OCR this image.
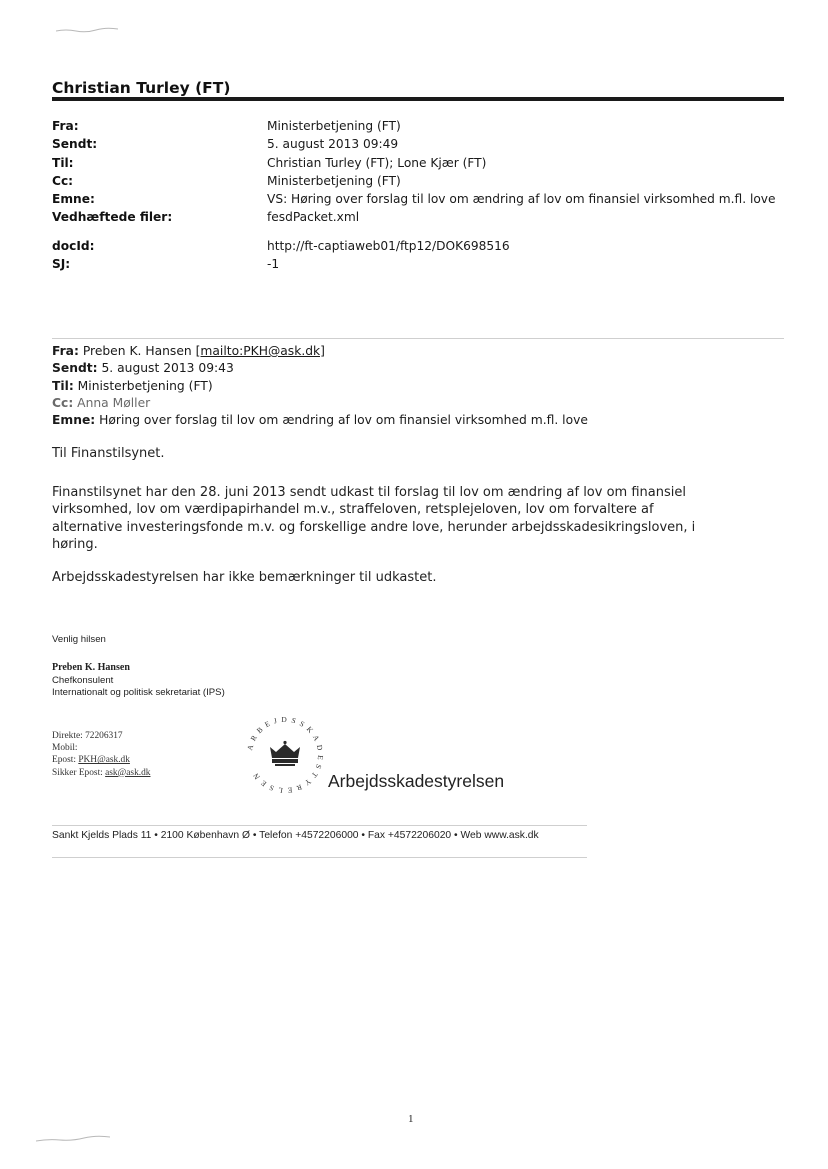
Christian Turley (FT)
Fra:	Ministerbetjening (FT)
Sendt:	5. august 2013 09:49
Til:	Christian Turley (FT); Lone Kjær (FT)
Cc:	Ministerbetjening (FT)
Emne:	VS: Høring over forslag til lov om ændring af lov om finansiel virksomhed m.fl. love
Vedhæftede filer:	fesdPacket.xml
docId:	http://ft-captiaweb01/ftp12/DOK698516
SJ:	-1
Fra: Preben K. Hansen [mailto:PKH@ask.dk]
Sendt: 5. august 2013 09:43
Til: Ministerbetjening (FT)
Cc: Anna Møller
Emne: Høring over forslag til lov om ændring af lov om finansiel virksomhed m.fl. love
Til Finanstilsynet.
Finanstilsynet har den 28. juni 2013 sendt udkast til forslag til lov om ændring af lov om finansiel
virksomhed, lov om værdipapirhandel m.v., straffeloven, retsplejeloven, lov om forvaltere af
alternative investeringsfonde m.v. og forskellige andre love, herunder arbejdsskadesikringsloven, i
høring.
Arbejdsskadestyrelsen har ikke bemærkninger til udkastet.
Venlig hilsen
Preben K. Hansen
Chefkonsulent
Internationalt og politisk sekretariat (IPS)
Direkte: 72206317
Mobil:
Epost: PKH@ask.dk
Sikker Epost: ask@ask.dk
ARBEJDSSKADESTYRELSEN	Arbejdsskadestyrelsen
Sankt Kjelds Plads 11 • 2100 København Ø • Telefon +4572206000 • Fax +4572206020 • Web www.ask.dk
1
